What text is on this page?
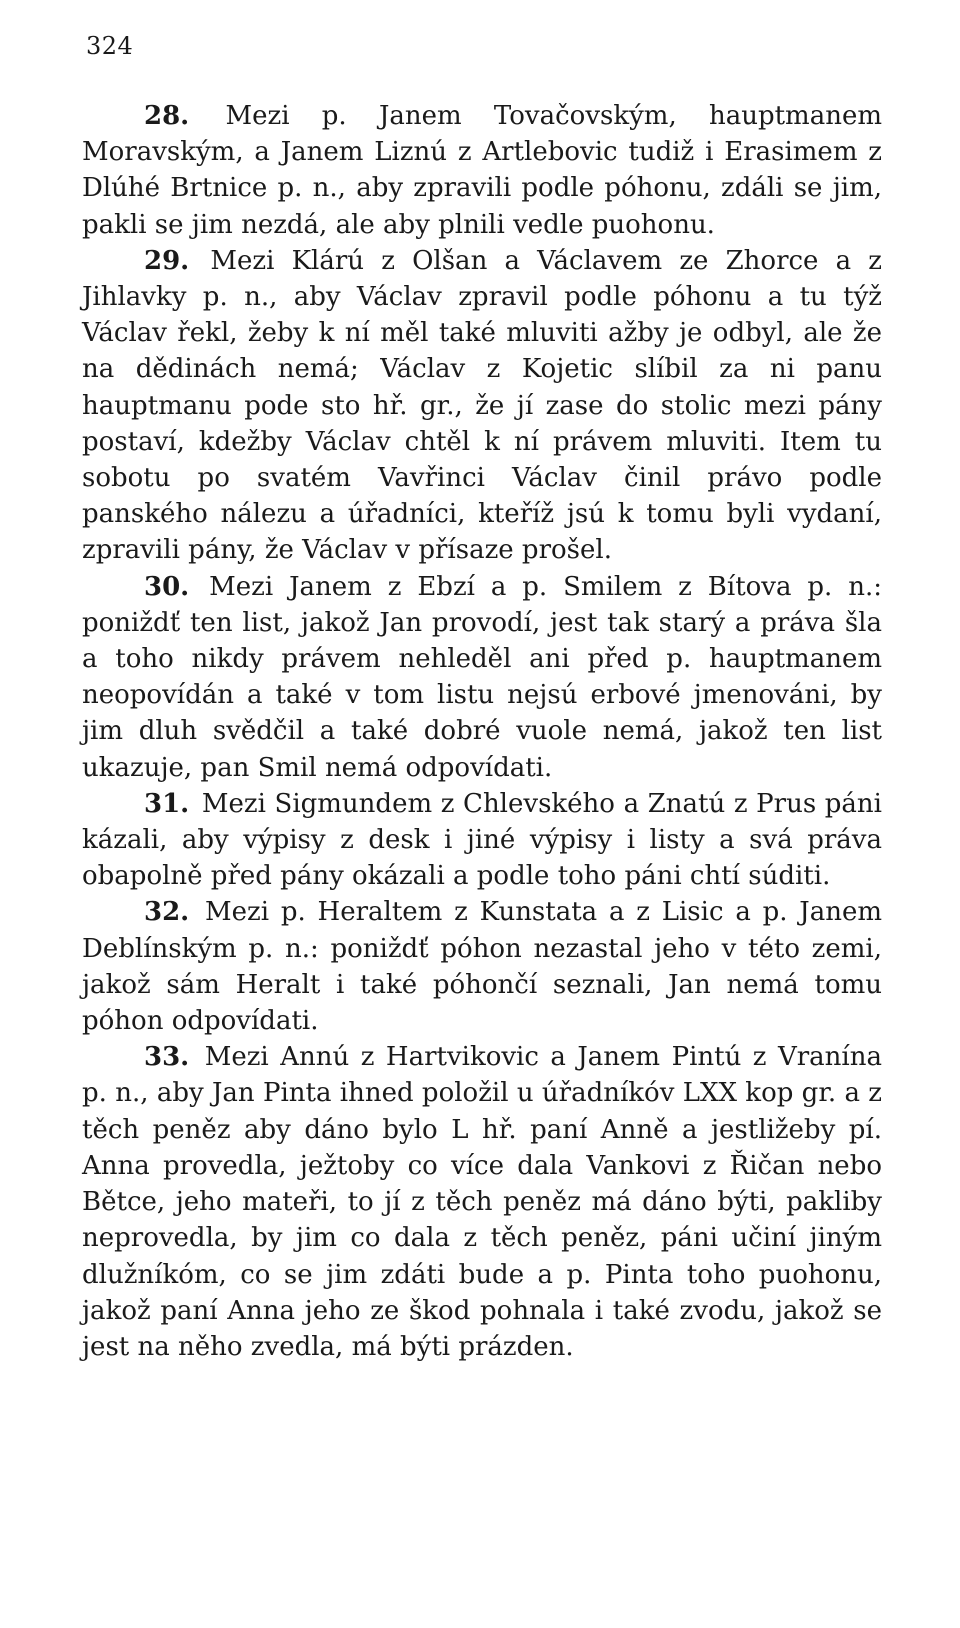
324

28. Mezi p. Janem Tovačovským, hauptmanem Moravským, a Janem Liznú z Artlebovic tudiž i Erasimem z Dlúhé Brtnice p. n., aby zpravili podle póhonu, zdáli se jim, pakli se jim nezdá, ale aby plnili vedle puohonu.

29. Mezi Klárú z Olšan a Václavem ze Zhorce a z Jihlavky p. n., aby Václav zpravil podle póhonu a tu týž Václav řekl, žeby k ní měl také mluviti ažby je odbyl, ale že na dědinách nemá; Václav z Kojetic slíbil za ni panu hauptmanu pode sto hř. gr., že jí zase do stolic mezi pány postaví, kdežby Václav chtěl k ní právem mluviti. Item tu sobotu po svatém Vavřinci Václav činil právo podle panského nálezu a úřadníci, kteříž jsú k tomu byli vydaní, zpravili pány, že Václav v přísaze prošel.

30. Mezi Janem z Ebzí a p. Smilem z Bítova p. n.: poniždť ten list, jakož Jan provodí, jest tak starý a práva šla a toho nikdy právem nehleděl ani před p. hauptmanem neopovídán a také v tom listu nejsú erbové jmenováni, by jim dluh svědčil a také dobré vuole nemá, jakož ten list ukazuje, pan Smil nemá odpovídati.

31. Mezi Sigmundem z Chlevského a Znatú z Prus páni kázali, aby výpisy z desk i jiné výpisy i listy a svá práva obapolně před pány okázali a podle toho páni chtí súditi.

32. Mezi p. Heraltem z Kunstata a z Lisic a p. Janem Deblínským p. n.: poniždť póhon nezastal jeho v této zemi, jakož sám Heralt i také póhončí seznali, Jan nemá tomu póhon odpovídati.

33. Mezi Annú z Hartvikovic a Janem Pintú z Vranína p. n., aby Jan Pinta ihned položil u úřadníkóv LXX kop gr. a z těch peněz aby dáno bylo L hř. paní Anně a jestližeby pí. Anna provedla, ježtoby co více dala Vankovi z Řičan nebo Bětce, jeho mateři, to jí z těch peněz má dáno býti, pakliby neprovedla, by jim co dala z těch peněz, páni učiní jiným dlužníkóm, co se jim zdáti bude a p. Pinta toho puohonu, jakož paní Anna jeho ze škod pohnala i také zvodu, jakož se jest na něho zvedla, má býti prázden.
